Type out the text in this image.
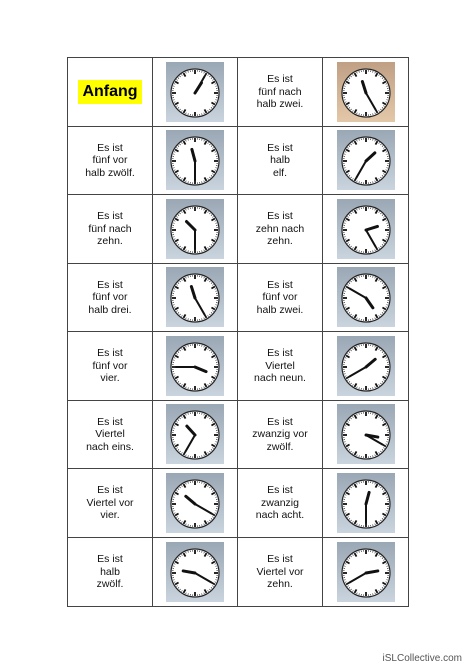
Anfang
Es ist
fünf nach
halb zwei.
Es ist
fünf vor
halb zwölf.
Es ist
halb
elf.
Es ist
fünf nach
zehn.
Es ist
zehn nach
zehn.
Es ist
fünf vor
halb drei.
Es ist
fünf vor
halb zwei.
Es ist
fünf vor
vier.
Es ist
Viertel
nach neun.
Es ist
Viertel
nach eins.
Es ist
zwanzig vor
zwölf.
Es ist
Viertel vor
vier.
Es ist
zwanzig
nach acht.
Es ist
halb
zwölf.
Es ist
Viertel vor
zehn.
iSLCollective.com
